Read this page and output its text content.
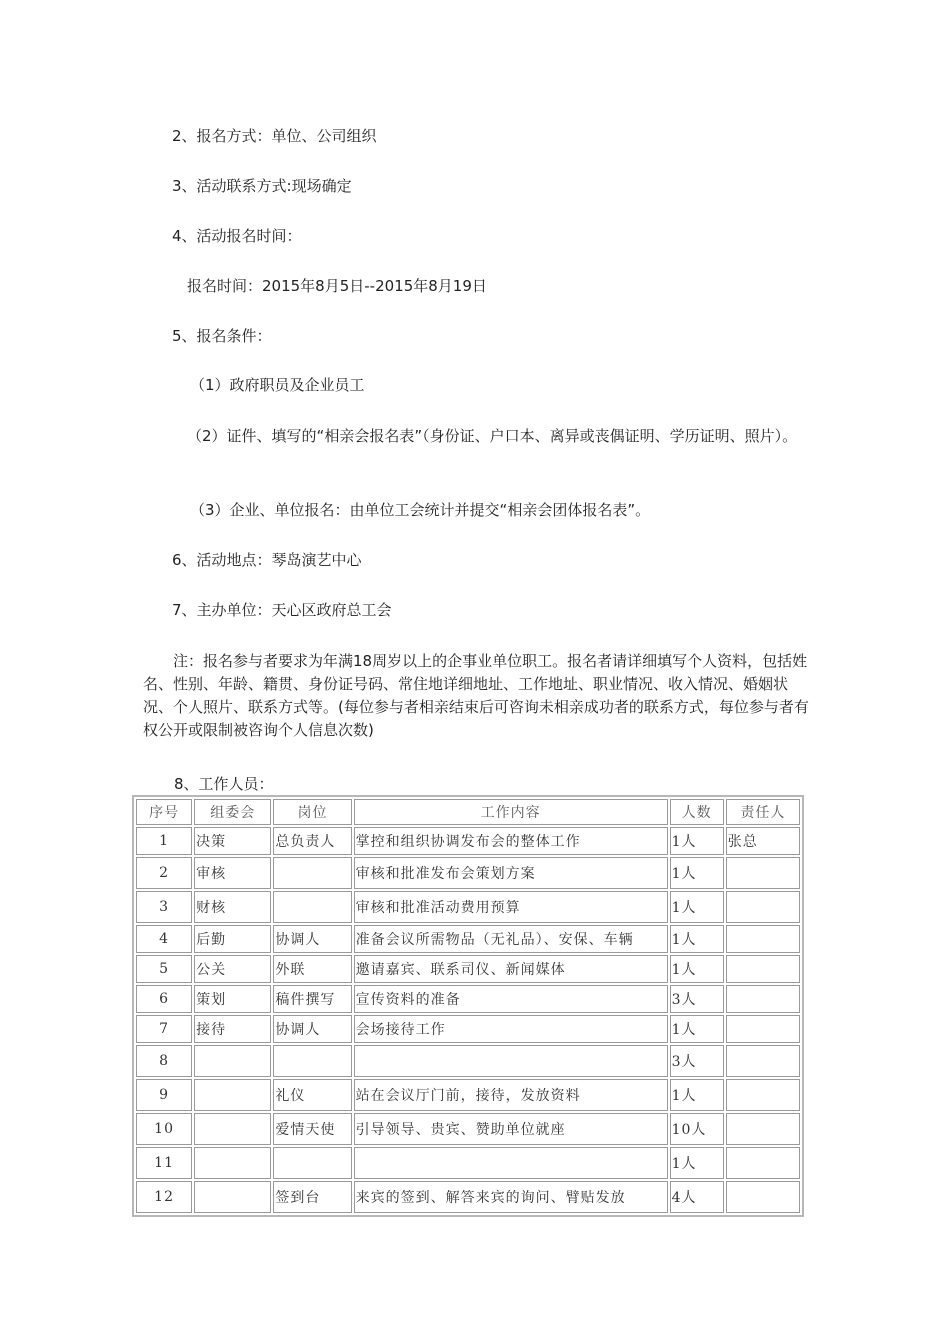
2、报名方式：单位、公司组织
3、活动联系方式:现场确定
4、活动报名时间：
报名时间：2015年8月5日--2015年8月19日
5、报名条件：
（1）政府职员及企业员工
（2）证件、填写的“相亲会报名表”（身份证、户口本、离异或丧偶证明、学历证明、照片）。
（3）企业、单位报名：由单位工会统计并提交“相亲会团体报名表”。
6、活动地点：琴岛演艺中心
7、主办单位：天心区政府总工会
注：报名参与者要求为年满18周岁以上的企事业单位职工。报名者请详细填写个人资料，包括姓名、性别、年龄、籍贯、身份证号码、常住地详细地址、工作地址、职业情况、收入情况、婚姻状况、个人照片、联系方式等。(每位参与者相亲结束后可咨询未相亲成功者的联系方式，每位参与者有权公开或限制被咨询个人信息次数)
8、工作人员：
序号	组委会	岗位	工作内容	人数	责任人
1	决策	总负责人	掌控和组织协调发布会的整体工作	1人	张总
2	审核		审核和批准发布会策划方案	1人	
3	财核		审核和批准活动费用预算	1人	
4	后勤	协调人	准备会议所需物品（无礼品）、安保、车辆	1人	
5	公关	外联	邀请嘉宾、联系司仪、新闻媒体	1人	
6	策划	稿件撰写	宣传资料的准备	3人	
7	接待	协调人	会场接待工作	1人	
8				3人	
9		礼仪	站在会议厅门前，接待，发放资料	1人	
10		爱情天使	引导领导、贵宾、赞助单位就座	10人	
11				1人	
12		签到台	来宾的签到、解答来宾的询问、臂贴发放	4人	
